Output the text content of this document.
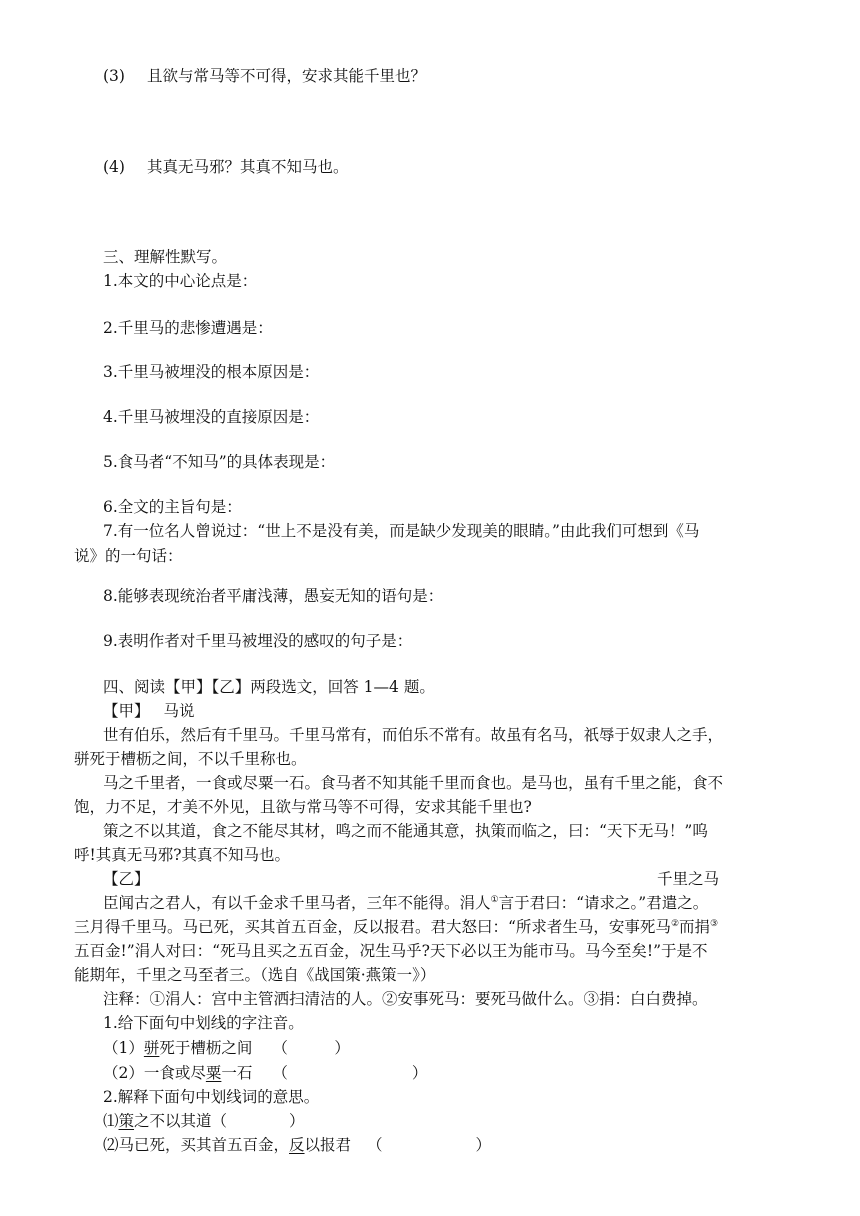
(3) 且欲与常马等不可得，安求其能千里也？
(4) 其真无马邪？其真不知马也。
三、理解性默写。
1.本文的中心论点是：
2.千里马的悲惨遭遇是：
3.千里马被埋没的根本原因是：
4.千里马被埋没的直接原因是：
5.食马者“不知马”的具体表现是：
6.全文的主旨句是：
7.有一位名人曾说过：“世上不是没有美，而是缺少发现美的眼睛。”由此我们可想到《马
说》的一句话：
8.能够表现统治者平庸浅薄，愚妄无知的语句是：
9.表明作者对千里马被埋没的感叹的句子是：
四、阅读【甲】【乙】两段选文，回答 1—4 题。
【甲】 马说
世有伯乐，然后有千里马。千里马常有，而伯乐不常有。故虽有名马，祇辱于奴隶人之手，
骈死于槽枥之间，不以千里称也。
马之千里者，一食或尽粟一石。食马者不知其能千里而食也。是马也，虽有千里之能，食不
饱，力不足，才美不外见，且欲与常马等不可得，安求其能千里也?
策之不以其道，食之不能尽其材，鸣之而不能通其意，执策而临之，曰：“天下无马！”呜
呼!其真无马邪?其真不知马也。
【乙】	千里之马
臣闻古之君人，有以千金求千里马者，三年不能得。涓人①言于君曰：“请求之。”君遣之。
三月得千里马。马已死，买其首五百金，反以报君。君大怒曰：“所求者生马，安事死马②而捐③
五百金!”涓人对曰：“死马且买之五百金，况生马乎?天下必以王为能市马。马今至矣!”于是不
能期年，千里之马至者三。（选自《战国策·燕策一》）
注释：①涓人：宫中主管洒扫清洁的人。②安事死马：要死马做什么。③捐：白白费掉。
1.给下面句中划线的字注音。
（1）骈死于槽枥之间 （　　　）
（2）一食或尽粟一石 （　　　　　　　　）
2.解释下面句中划线词的意思。
⑴策之不以其道（　　　　）
⑵马已死，买其首五百金，反以报君 （　　　　　　）
